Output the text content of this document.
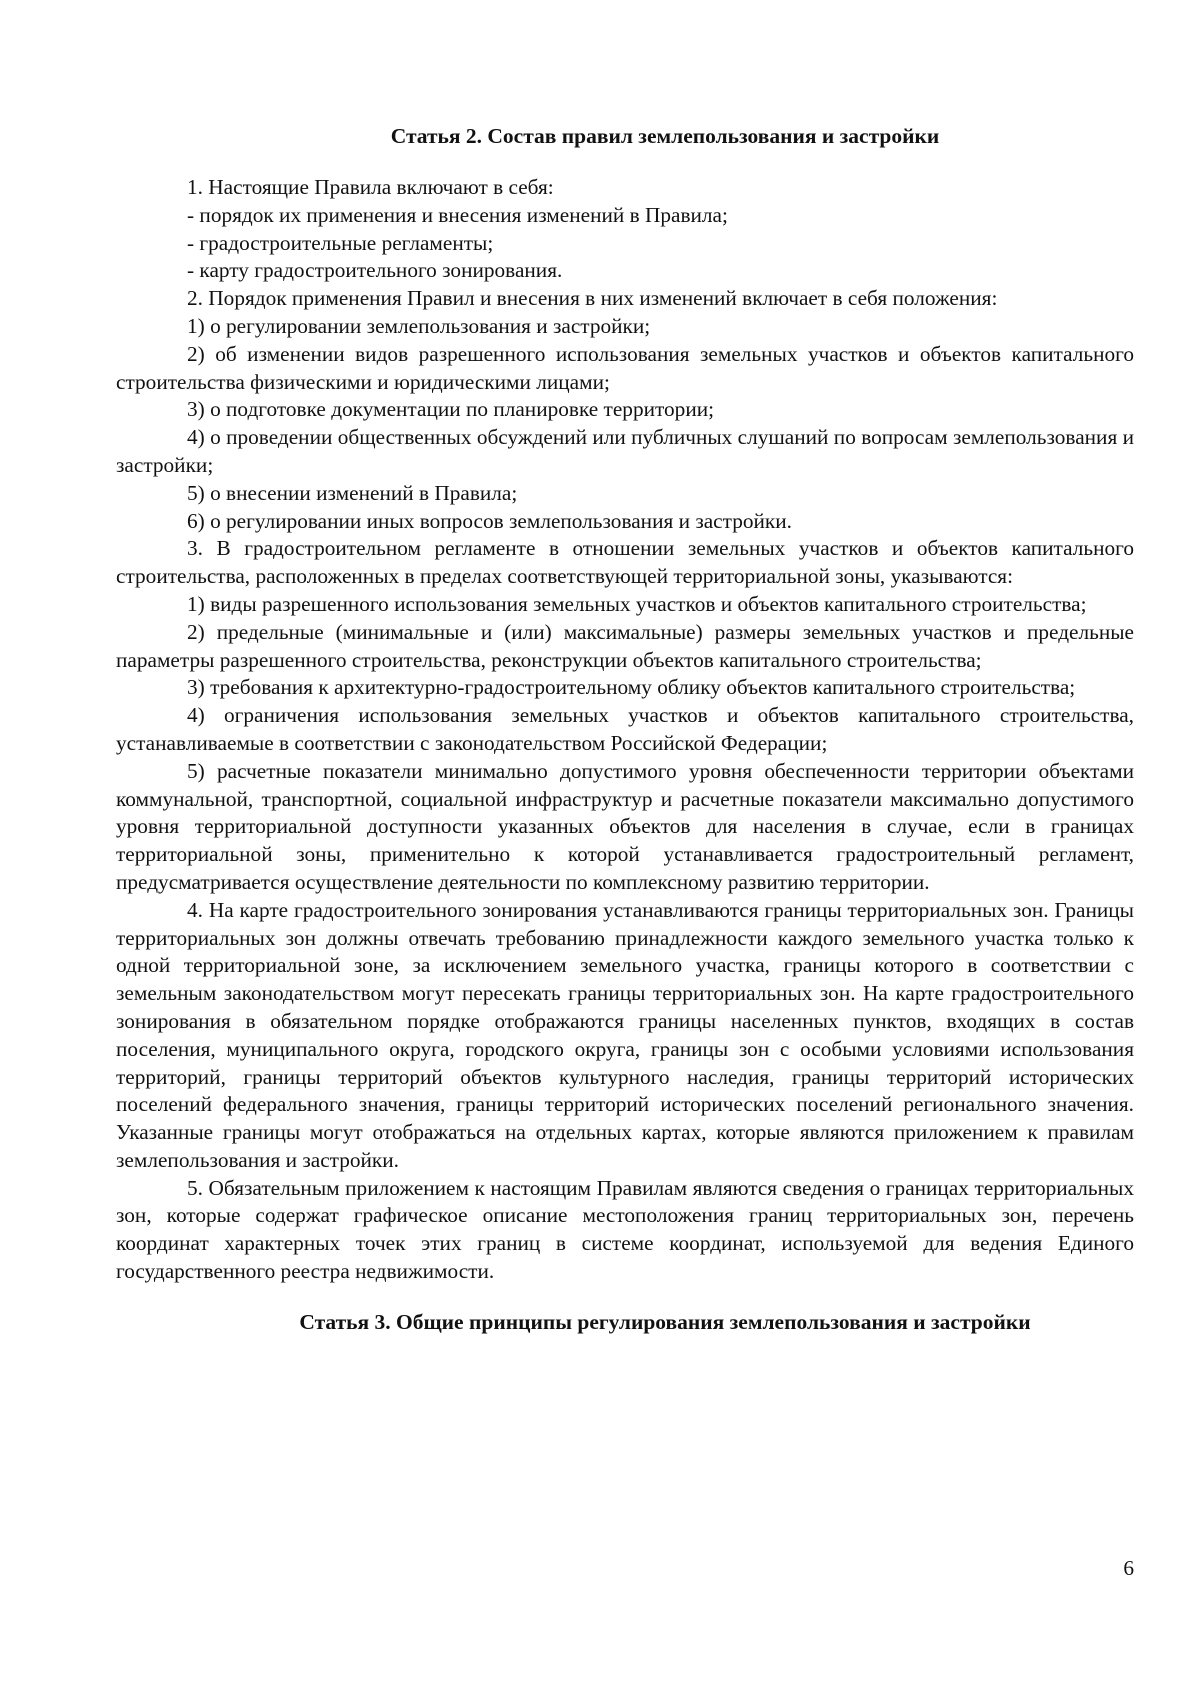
Статья 2. Состав правил землепользования и застройки

1. Настоящие Правила включают в себя:

- порядок их применения и внесения изменений в Правила;

- градостроительные регламенты;

- карту градостроительного зонирования.

2. Порядок применения Правил и внесения в них изменений включает в себя положения:

1) о регулировании землепользования и застройки;

2) об изменении видов разрешенного использования земельных участков и объектов капитального строительства физическими и юридическими лицами;

3) о подготовке документации по планировке территории;

4) о проведении общественных обсуждений или публичных слушаний по вопросам землепользования и застройки;

5) о внесении изменений в Правила;

6) о регулировании иных вопросов землепользования и застройки.

3. В градостроительном регламенте в отношении земельных участков и объектов капитального строительства, расположенных в пределах соответствующей территориальной зоны, указываются:

1) виды разрешенного использования земельных участков и объектов капитального строительства;

2) предельные (минимальные и (или) максимальные) размеры земельных участков и предельные параметры разрешенного строительства, реконструкции объектов капитального строительства;

3) требования к архитектурно-градостроительному облику объектов капитального строительства;

4) ограничения использования земельных участков и объектов капитального строительства, устанавливаемые в соответствии с законодательством Российской Федерации;

5) расчетные показатели минимально допустимого уровня обеспеченности территории объектами коммунальной, транспортной, социальной инфраструктур и расчетные показатели максимально допустимого уровня территориальной доступности указанных объектов для населения в случае, если в границах территориальной зоны, применительно к которой устанавливается градостроительный регламент, предусматривается осуществление деятельности по комплексному развитию территории.

4. На карте градостроительного зонирования устанавливаются границы территориальных зон. Границы территориальных зон должны отвечать требованию принадлежности каждого земельного участка только к одной территориальной зоне, за исключением земельного участка, границы которого в соответствии с земельным законодательством могут пересекать границы территориальных зон. На карте градостроительного зонирования в обязательном порядке отображаются границы населенных пунктов, входящих в состав поселения, муниципального округа, городского округа, границы зон с особыми условиями использования территорий, границы территорий объектов культурного наследия, границы территорий исторических поселений федерального значения, границы территорий исторических поселений регионального значения. Указанные границы могут отображаться на отдельных картах, которые являются приложением к правилам землепользования и застройки.

5. Обязательным приложением к настоящим Правилам являются сведения о границах территориальных зон, которые содержат графическое описание местоположения границ территориальных зон, перечень координат характерных точек этих границ в системе координат, используемой для ведения Единого государственного реестра недвижимости.

Статья 3. Общие принципы регулирования землепользования и застройки

6
